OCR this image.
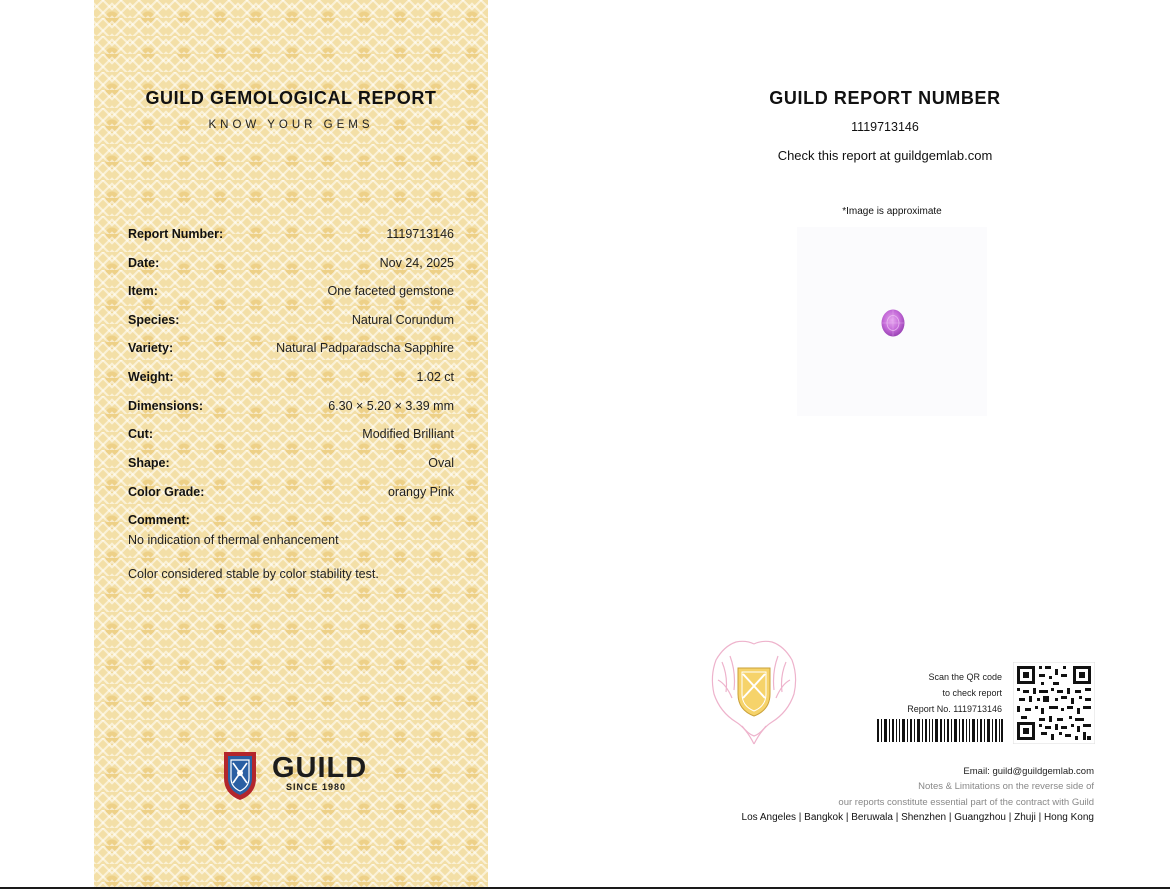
GUILD GEMOLOGICAL REPORT
KNOW YOUR GEMS
Report Number:	1119713146
Date:	Nov 24, 2025
Item:	One faceted gemstone
Species:	Natural Corundum
Variety:	Natural Padparadscha Sapphire
Weight:	1.02 ct
Dimensions:	6.30 × 5.20 × 3.39 mm
Cut:	Modified Brilliant
Shape:	Oval
Color Grade:	orangy Pink
Comment:
No indication of thermal enhancement
Color considered stable by color stability test.
GUILD
SINCE 1980
GUILD REPORT NUMBER
1119713146
Check this report at guildgemlab.com
*Image is approximate
Scan the QR code
to check report
Report No. 1119713146
Email: guild@guildgemlab.com
Notes & Limitations on the reverse side of
our reports constitute essential part of the contract with Guild
Los Angeles | Bangkok | Beruwala | Shenzhen | Guangzhou | Zhuji | Hong Kong
